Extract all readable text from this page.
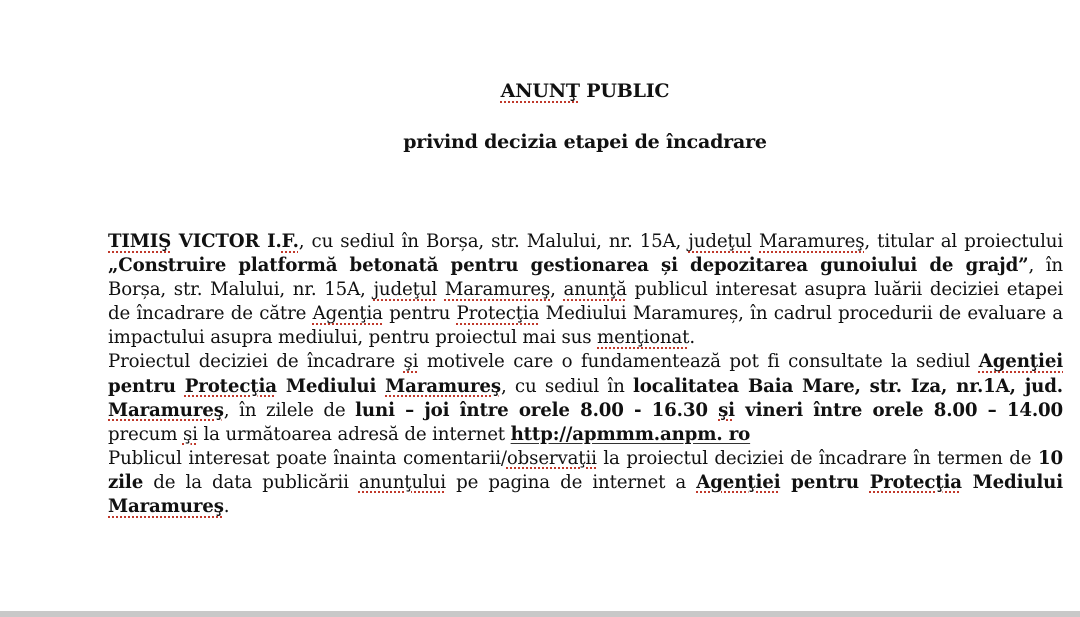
ANUNŢ PUBLIC
privind decizia etapei de încadrare

TIMIŞ VICTOR I.F., cu sediul în Borșa, str. Malului, nr. 15A, judeţul Maramureş, titular al proiectului „Construire platformă betonată pentru gestionarea și depozitarea gunoiului de grajd”, în Borșa, str. Malului, nr. 15A, judeţul Maramureş, anunţă publicul interesat asupra luării deciziei etapei de încadrare de către Agenţia pentru Protecţia Mediului Maramureș, în cadrul procedurii de evaluare a impactului asupra mediului, pentru proiectul mai sus menţionat.

Proiectul deciziei de încadrare şi motivele care o fundamentează pot fi consultate la sediul Agenţiei pentru Protecţia Mediului Maramureş, cu sediul în localitatea Baia Mare, str. Iza, nr.1A, jud. Maramureş, în zilele de luni – joi între orele 8.00 - 16.30 şi vineri între orele 8.00 – 14.00 precum şi la următoarea adresă de internet http://apmmm.anpm. ro

Publicul interesat poate înainta comentarii/observaţii la proiectul deciziei de încadrare în termen de 10 zile de la data publicării anunţului pe pagina de internet a Agenţiei pentru Protecţia Mediului Maramureş.
